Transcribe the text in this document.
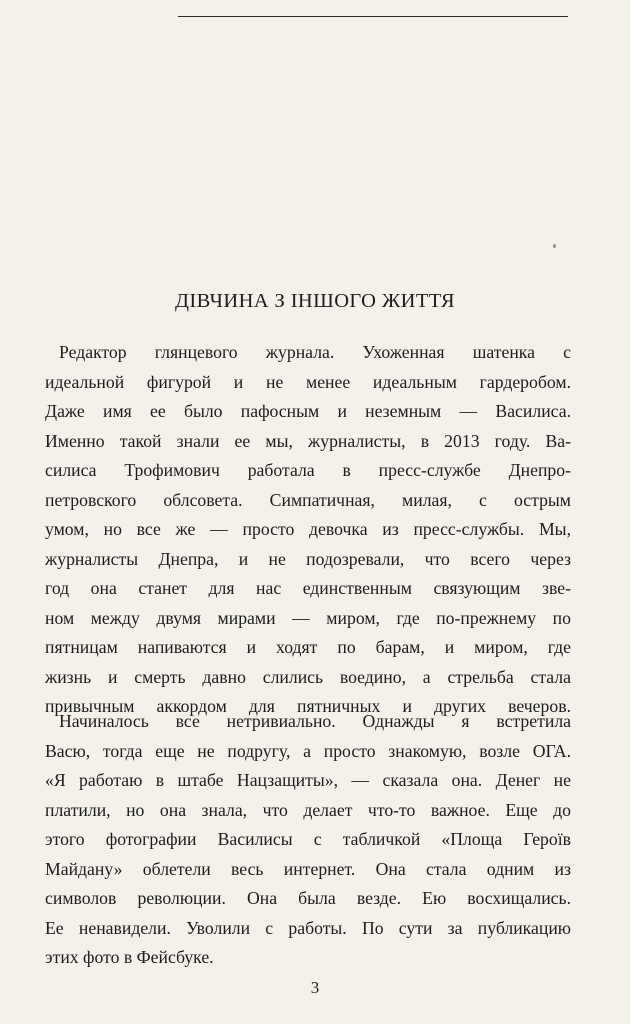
ДІВЧИНА З ІНШОГО ЖИТТЯ
Редактор глянцевого журнала. Ухоженная шатенка с
идеальной фигурой и не менее идеальным гардеробом.
Даже имя ее было пафосным и неземным — Василиса.
Именно такой знали ее мы, журналисты, в 2013 году. Ва-
силиса Трофимович работала в пресс-службе Днепро-
петровского облсовета. Симпатичная, милая, с острым
умом, но все же — просто девочка из пресс-службы. Мы,
журналисты Днепра, и не подозревали, что всего через
год она станет для нас единственным связующим зве-
ном между двумя мирами — миром, где по-прежнему по
пятницам напиваются и ходят по барам, и миром, где
жизнь и смерть давно слились воедино, а стрельба стала
привычным аккордом для пятничных и других вечеров.
Начиналось все нетривиально. Однажды я встретила
Васю, тогда еще не подругу, а просто знакомую, возле ОГА.
«Я работаю в штабе Нацзащиты», — сказала она. Денег не
платили, но она знала, что делает что-то важное. Еще до
этого фотографии Василисы с табличкой «Площа Героїв
Майдану» облетели весь интернет. Она стала одним из
символов революции. Она была везде. Ею восхищались.
Ее ненавидели. Уволили с работы. По сути за публикацию
этих фото в Фейсбуке.
3
